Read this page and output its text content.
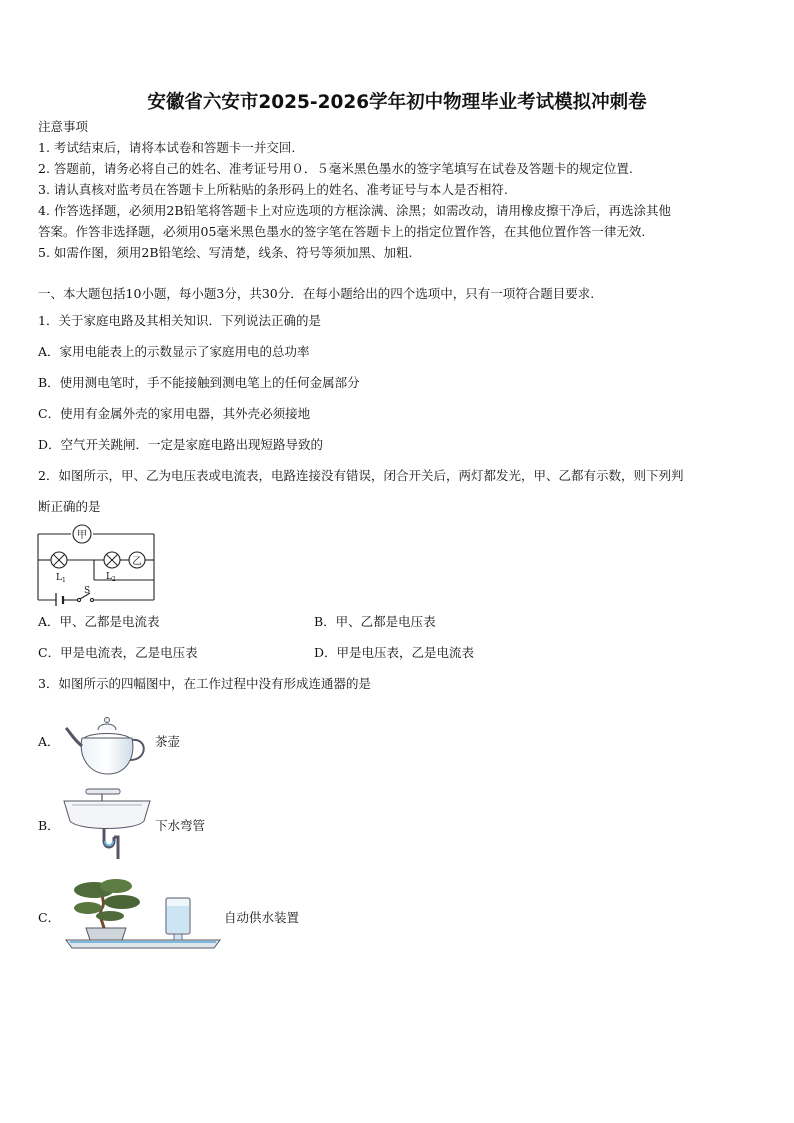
安徽省六安市2025-2026学年初中物理毕业考试模拟冲刺卷
注意事项
1. 考试结束后，请将本试卷和答题卡一并交回.
2. 答题前，请务必将自己的姓名、准考证号用０．５毫米黑色墨水的签字笔填写在试卷及答题卡的规定位置.
3. 请认真核对监考员在答题卡上所粘贴的条形码上的姓名、准考证号与本人是否相符.
4. 作答选择题，必须用2B铅笔将答题卡上对应选项的方框涂满、涂黑；如需改动，请用橡皮擦干净后，再选涂其他
答案。作答非选择题，必须用05毫米黑色墨水的签字笔在答题卡上的指定位置作答，在其他位置作答一律无效.
5. 如需作图，须用2B铅笔绘、写清楚，线条、符号等须加黑、加粗.
一、本大题包括10小题，每小题3分，共30分．在每小题给出的四个选项中，只有一项符合题目要求.
1．关于家庭电路及其相关知识．下列说法正确的是
A．家用电能表上的示数显示了家庭用电的总功率
B．使用测电笔时，手不能接触到测电笔上的任何金属部分
C．使用有金属外壳的家用电器，其外壳必须接地
D．空气开关跳闸．一定是家庭电路出现短路导致的
2．如图所示，甲、乙为电压表或电流表，电路连接没有错误，闭合开关后，两灯都发光，甲、乙都有示数，则下列判
断正确的是
甲
L 1	L 2
乙
S
A．甲、乙都是电流表	B．甲、乙都是电压表
C．甲是电流表，乙是电压表	D．甲是电压表，乙是电流表
3．如图所示的四幅图中，在工作过程中没有形成连通器的是
A．	茶壶
B．	下水弯管
C．	自动供水装置
